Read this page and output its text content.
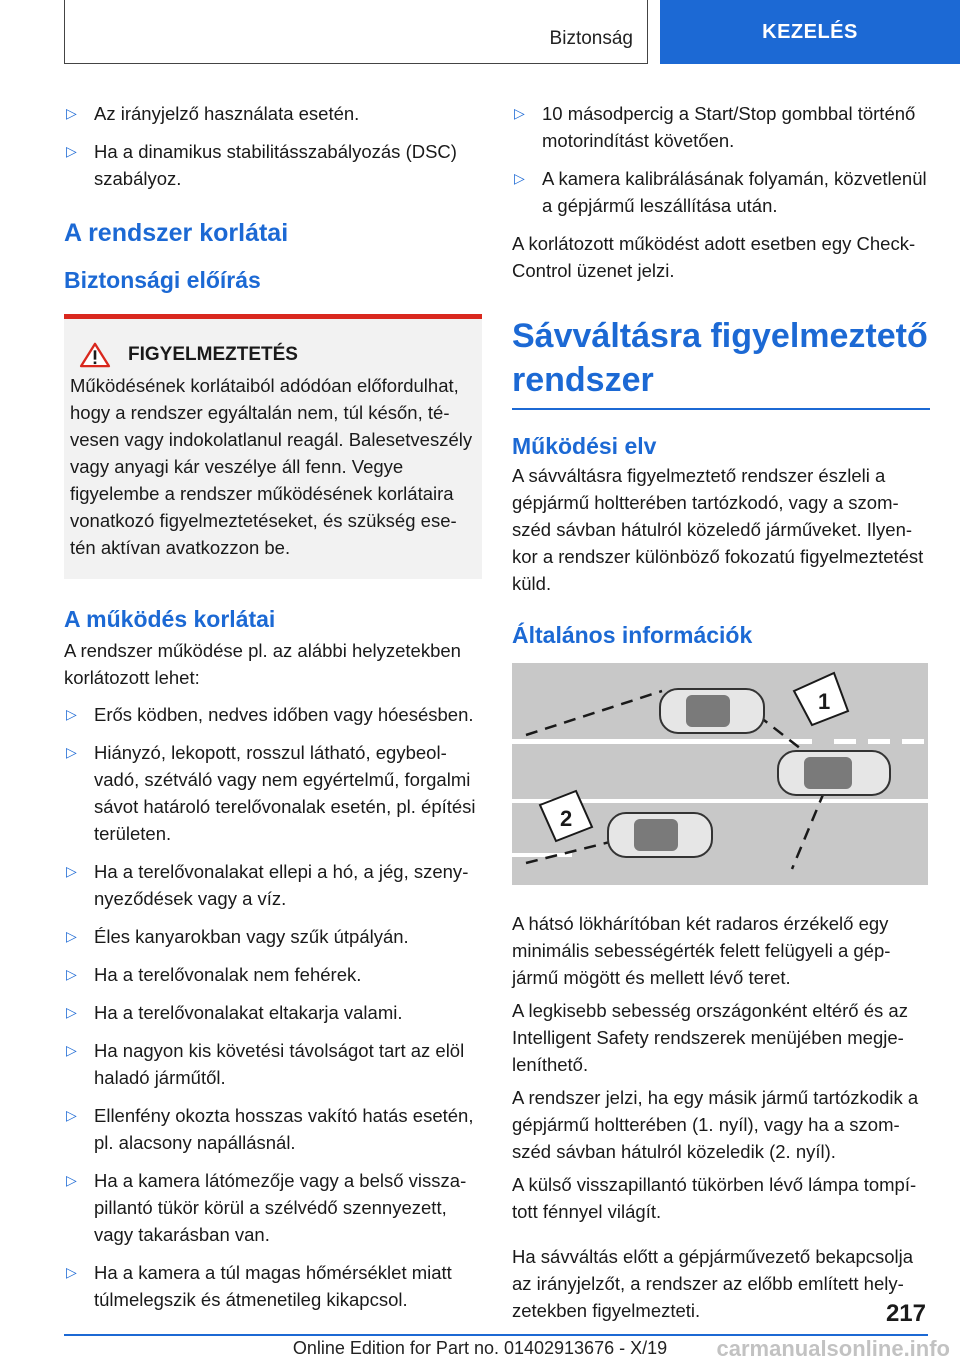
Biztonság	KEZELÉS
▷ Az irányjelző használata esetén.
▷ Ha a dinamikus stabilitásszabályozás (DSC) szabályoz.
A rendszer korlátai
Biztonsági előírás
FIGYELMEZTETÉS
Működésének korlátaiból adódóan előfordulhat, hogy a rendszer egyáltalán nem, túl későn, tévesen vagy indokolatlanul reagál. Balesetveszély vagy anyagi kár veszélye áll fenn. Vegye figyelembe a rendszer működésének korlátaira vonatkozó figyelmeztetéseket, és szükség esetén aktívan avatkozzon be.
A működés korlátai
A rendszer működése pl. az alábbi helyzetekben korlátozott lehet:
▷ Erős ködben, nedves időben vagy hóesésben.
▷ Hiányzó, lekopott, rosszul látható, egybeolvadó, szétváló vagy nem egyértelmű, forgalmi sávot határoló terelővonalak esetén, pl. építési területen.
▷ Ha a terelővonalakat ellepi a hó, a jég, szenynyeződések vagy a víz.
▷ Éles kanyarokban vagy szűk útpályán.
▷ Ha a terelővonalak nem fehérek.
▷ Ha a terelővonalakat eltakarja valami.
▷ Ha nagyon kis követési távolságot tart az elöl haladó járműtől.
▷ Ellenfény okozta hosszas vakító hatás esetén, pl. alacsony napállásnál.
▷ Ha a kamera látómezője vagy a belső visszapillantó tükör körül a szélvédő szennyezett, vagy takarásban van.
▷ Ha a kamera a túl magas hőmérséklet miatt túlmelegszik és átmenetileg kikapcsol.
▷ 10 másodpercig a Start/Stop gombbal történő motorindítást követően.
▷ A kamera kalibrálásának folyamán, közvetlenül a gépjármű leszállítása után.
A korlátozott működést adott esetben egy Check-Control üzenet jelzi.
Sávváltásra figyelmeztető rendszer
Működési elv
A sávváltásra figyelmeztető rendszer észleli a gépjármű holtterében tartózkodó, vagy a szomszéd sávban hátulról közeledő járműveket. Ilyenkor a rendszer különböző fokozatú figyelmeztetést küld.
Általános információk
1
2
A hátsó lökhárítóban két radaros érzékelő egy minimális sebességérték felett felügyeli a gépjármű mögött és mellett lévő teret.
A legkisebb sebesség országonként eltérő és az Intelligent Safety rendszerek menüjében megjeleníthető.
A rendszer jelzi, ha egy másik jármű tartózkodik a gépjármű holtterében (1. nyíl), vagy ha a szomszéd sávban hátulról közeledik (2. nyíl).
A külső visszapillantó tükörben lévő lámpa tompított fénnyel világít.
Ha sávváltás előtt a gépjárművezető bekapcsolja az irányjelzőt, a rendszer az előbb említett helyzetekben figyelmezteti.	217
Online Edition for Part no. 01402913676 - X/19	carmanualsonline.info
